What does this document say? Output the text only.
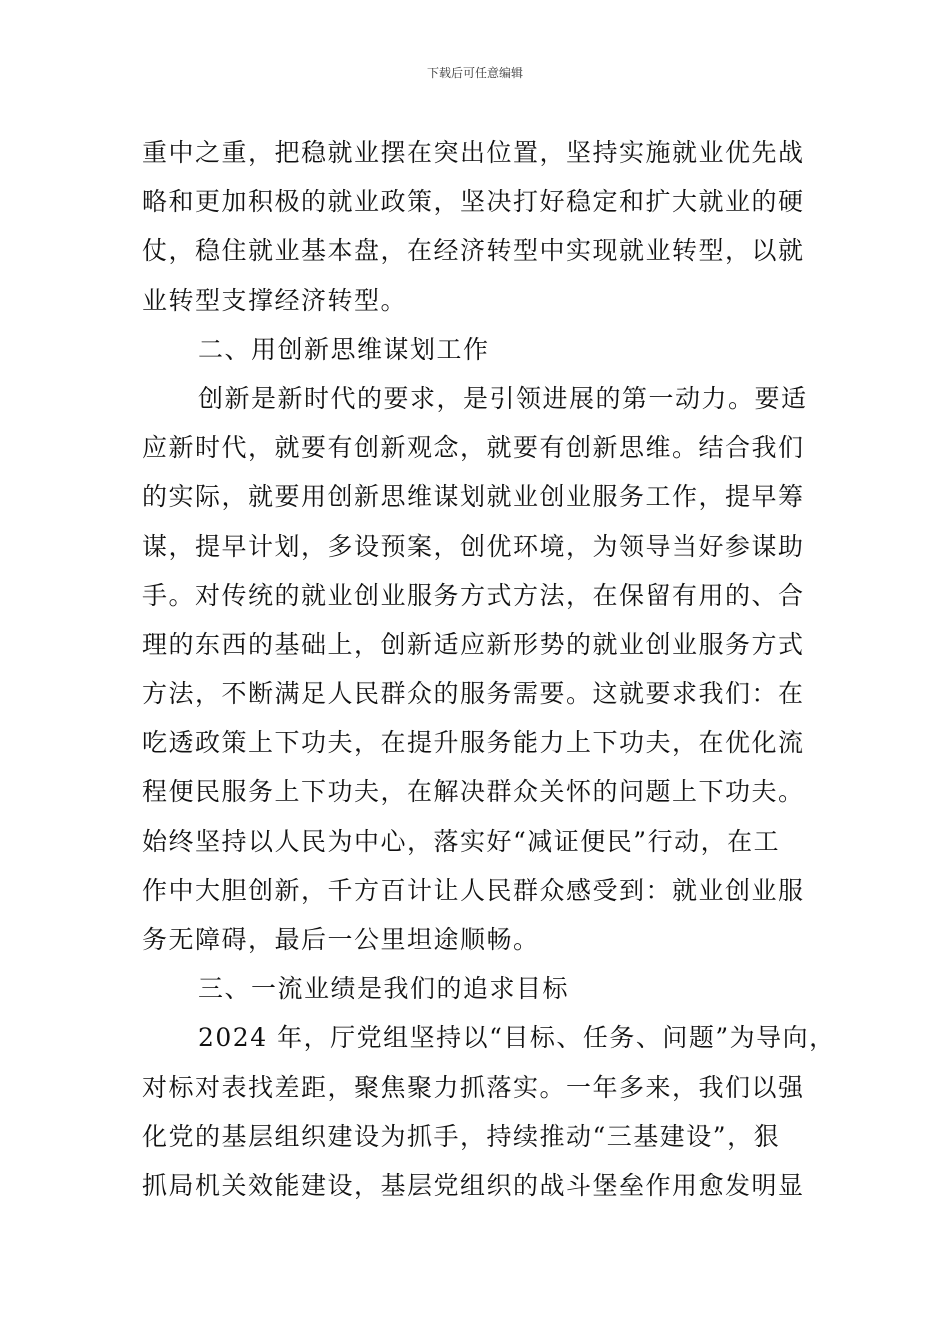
下载后可任意编辑
重中之重，把稳就业摆在突出位置，坚持实施就业优先战
略和更加积极的就业政策，坚决打好稳定和扩大就业的硬
仗，稳住就业基本盘，在经济转型中实现就业转型，以就
业转型支撑经济转型。
二、用创新思维谋划工作
创新是新时代的要求，是引领进展的第一动力。要适
应新时代，就要有创新观念，就要有创新思维。结合我们
的实际，就要用创新思维谋划就业创业服务工作，提早筹
谋，提早计划，多设预案，创优环境，为领导当好参谋助
手。对传统的就业创业服务方式方法，在保留有用的、合
理的东西的基础上，创新适应新形势的就业创业服务方式
方法，不断满足人民群众的服务需要。这就要求我们：在
吃透政策上下功夫，在提升服务能力上下功夫，在优化流
程便民服务上下功夫，在解决群众关怀的问题上下功夫。
始终坚持以人民为中心，落实好“减证便民”行动，在工
作中大胆创新，千方百计让人民群众感受到：就业创业服
务无障碍，最后一公里坦途顺畅。
三、一流业绩是我们的追求目标
2024 年，厅党组坚持以“目标、任务、问题”为导向，
对标对表找差距，聚焦聚力抓落实。一年多来，我们以强
化党的基层组织建设为抓手，持续推动“三基建设”，狠
抓局机关效能建设，基层党组织的战斗堡垒作用愈发明显
